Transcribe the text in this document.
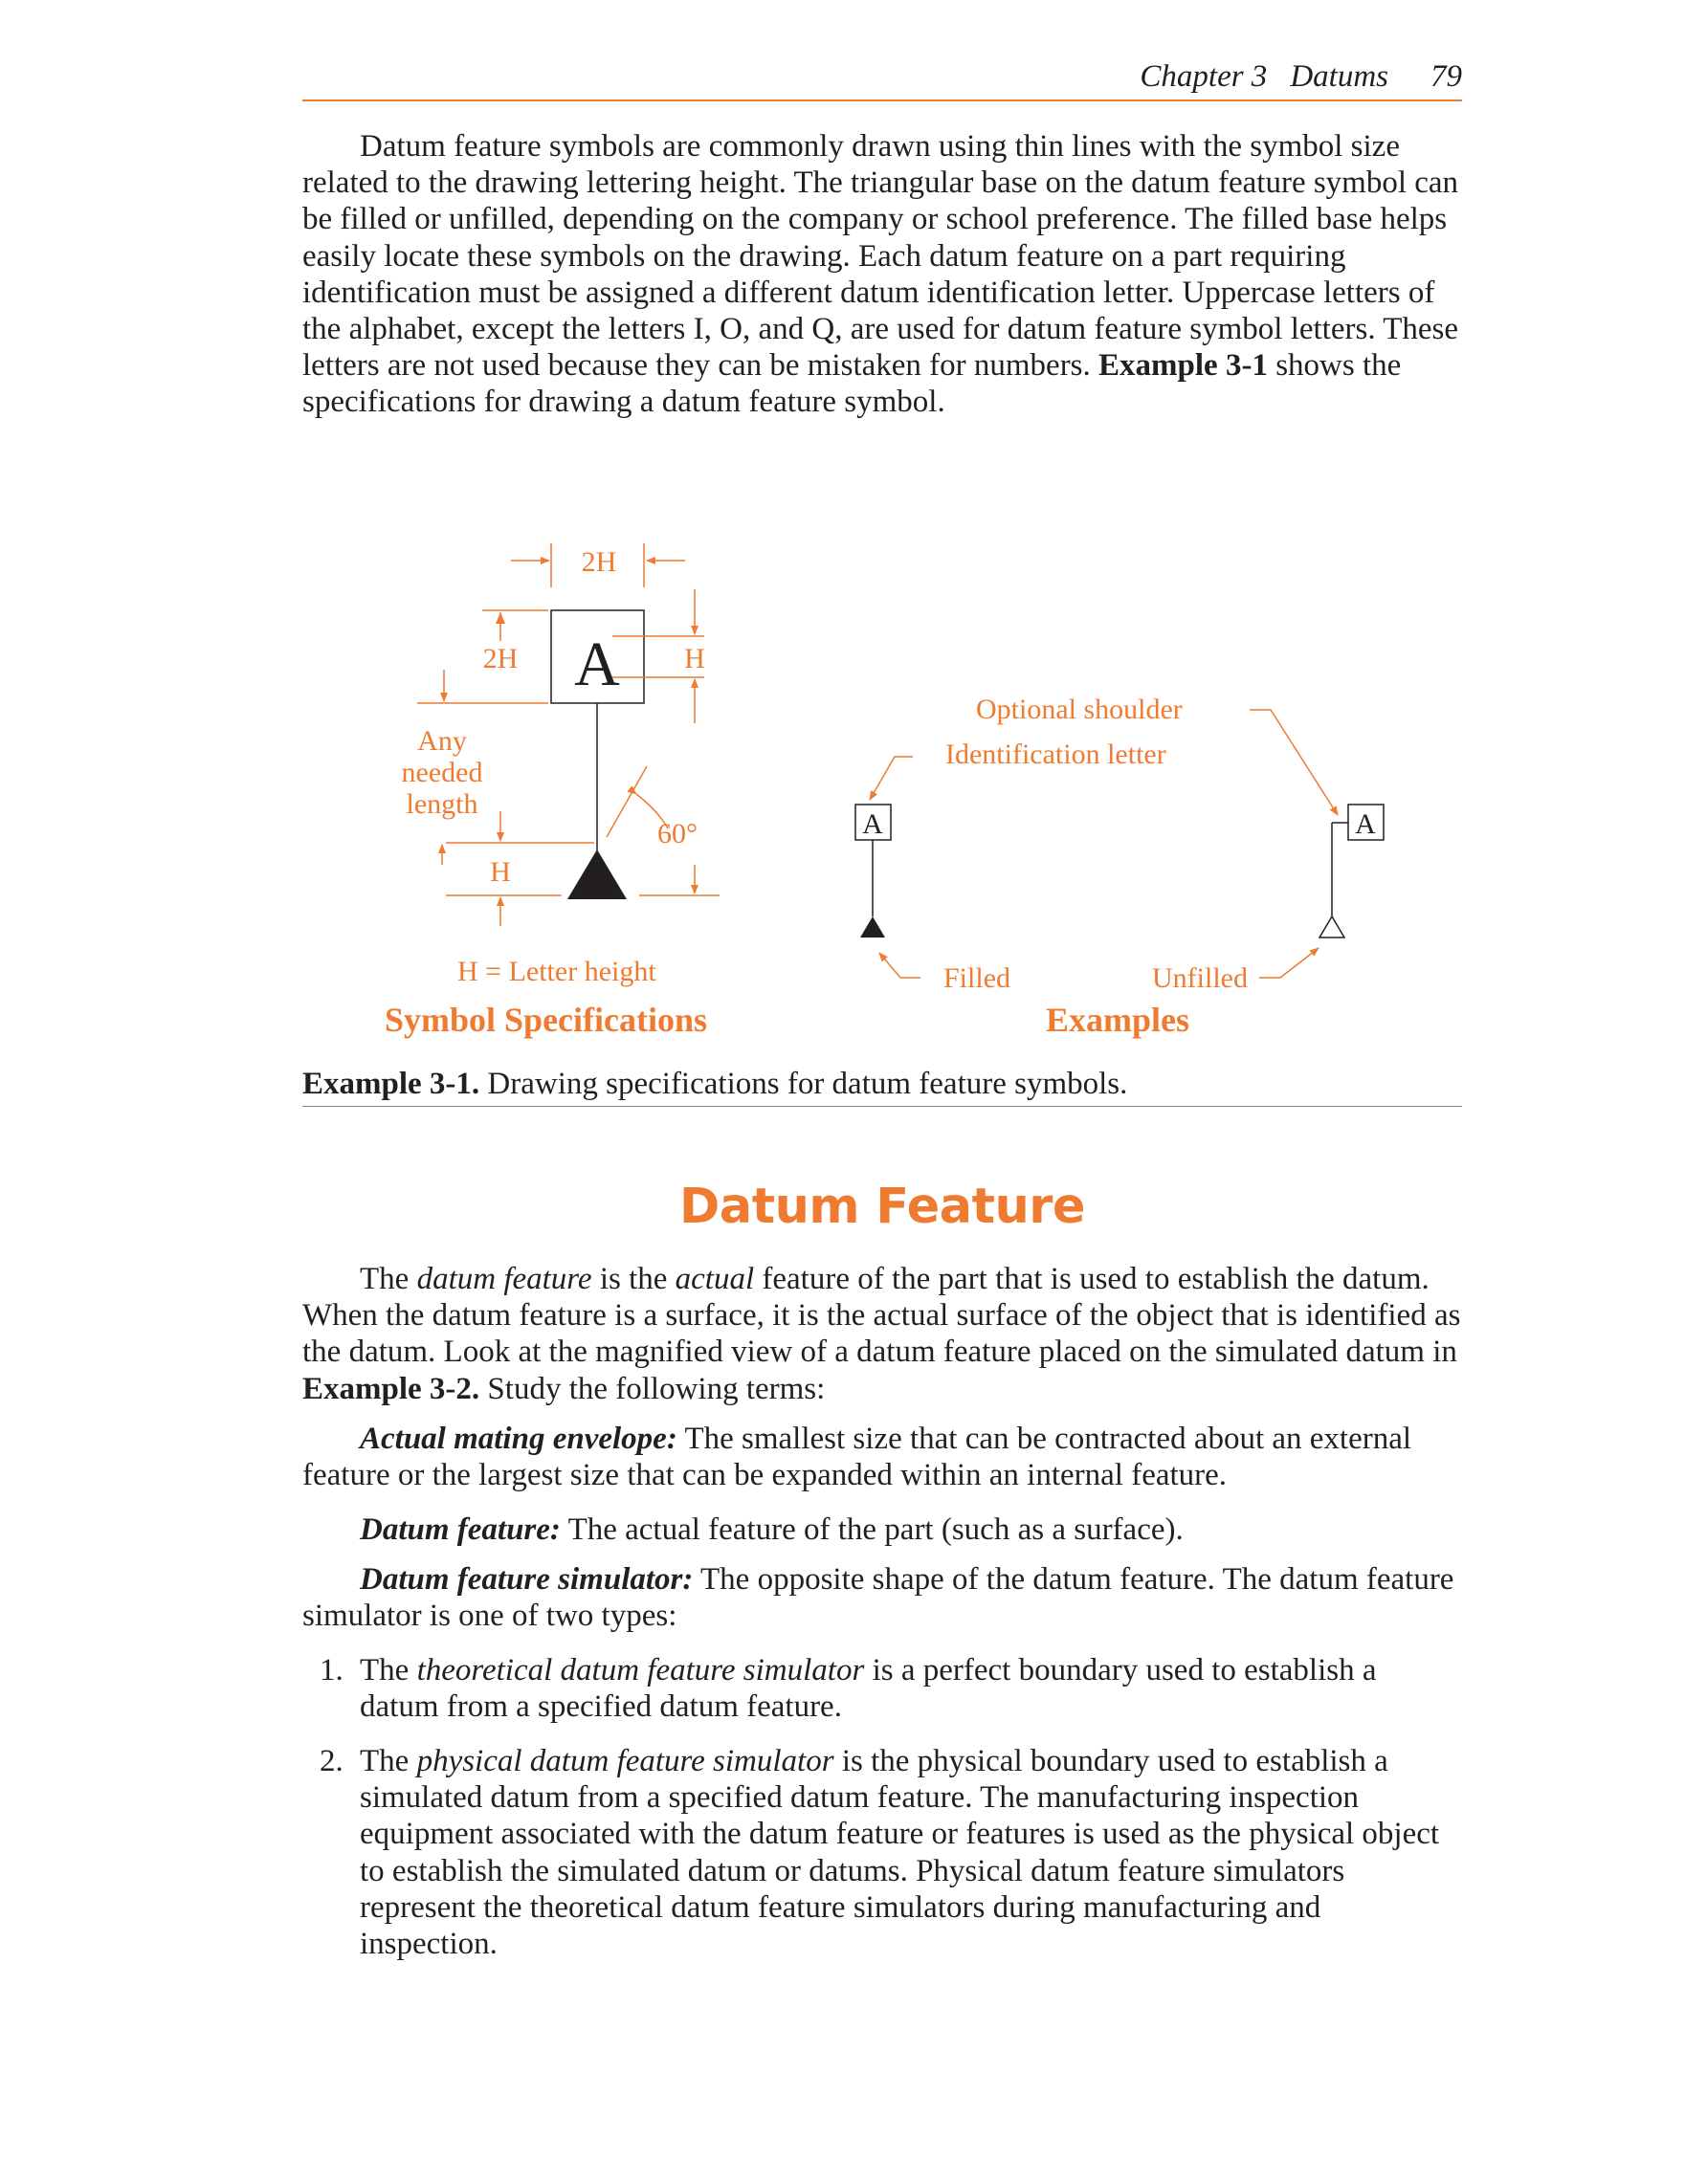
Chapter 3 Datums 79

Datum feature symbols are commonly drawn using thin lines with the symbol size related to the drawing lettering height. The triangular base on the datum feature symbol can be filled or unfilled, depending on the company or school preference. The filled base helps easily locate these symbols on the drawing. Each datum feature on a part requiring identification must be assigned a different datum identification letter. Uppercase letters of the alphabet, except the letters I, O, and Q, are used for datum feature symbol letters. These letters are not used because they can be mistaken for numbers. Example 3-1 shows the specifications for drawing a datum feature symbol.

A
2H
2H	H
Any
needed
length
60°
H
H = Letter height
Symbol Specifications
A	A
Optional shoulder
Identification letter
Filled	Unfilled
Examples
Example 3-1. Drawing specifications for datum feature symbols.
Datum Feature

The datum feature is the actual feature of the part that is used to establish the datum. When the datum feature is a surface, it is the actual surface of the object that is identified as the datum. Look at the magnified view of a datum feature placed on the simulated datum in Example 3-2. Study the following terms:

Actual mating envelope: The smallest size that can be contracted about an external feature or the largest size that can be expanded within an internal feature.

Datum feature: The actual feature of the part (such as a surface).

Datum feature simulator: The opposite shape of the datum feature. The datum feature simulator is one of two types:

1. The theoretical datum feature simulator is a perfect boundary used to establish a datum from a specified datum feature.

2. The physical datum feature simulator is the physical boundary used to establish a simulated datum from a specified datum feature. The manufacturing inspection equipment associated with the datum feature or features is used as the physical object to establish the simulated datum or datums. Physical datum feature simulators represent the theoretical datum feature simulators during manufacturing and inspection.
